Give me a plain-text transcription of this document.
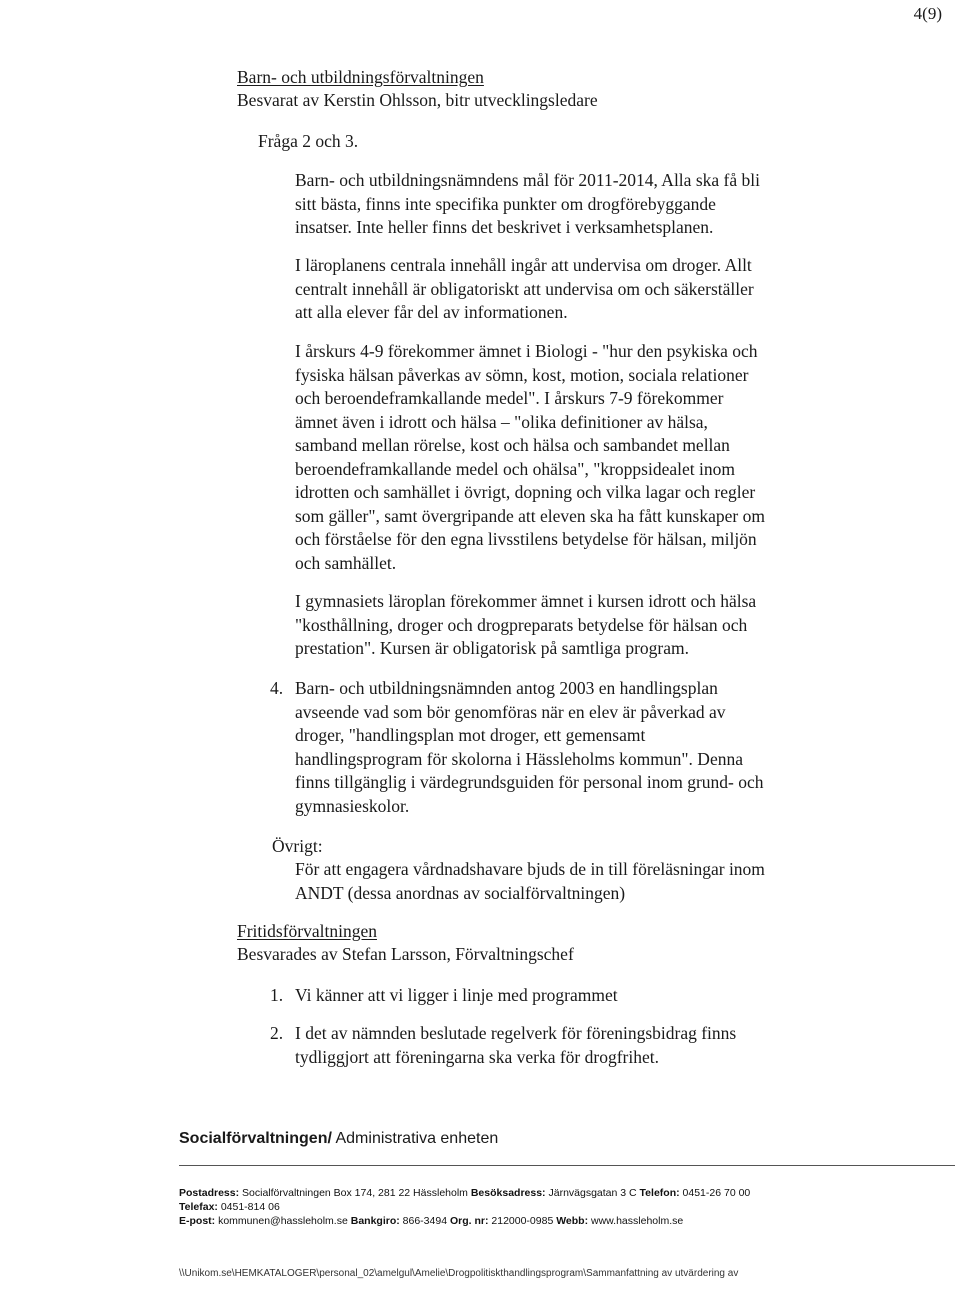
4(9)
Barn- och utbildningsförvaltningen
Besvarat av Kerstin Ohlsson, bitr utvecklingsledare
Fråga 2 och 3.
Barn- och utbildningsnämndens mål för 2011-2014, Alla ska få bli
sitt bästa, finns inte specifika punkter om drogförebyggande
insatser. Inte heller finns det beskrivet i verksamhetsplanen.
I läroplanens centrala innehåll ingår att undervisa om droger. Allt
centralt innehåll är obligatoriskt att undervisa om och säkerställer
att alla elever får del av informationen.
I årskurs 4-9 förekommer ämnet i Biologi - "hur den psykiska och
fysiska hälsan påverkas av sömn, kost, motion, sociala relationer
och beroendeframkallande medel". I årskurs 7-9 förekommer
ämnet även i idrott och hälsa – "olika definitioner av hälsa,
samband mellan rörelse, kost och hälsa och sambandet mellan
beroendeframkallande medel och ohälsa", "kroppsidealet inom
idrotten och samhället i övrigt, dopning och vilka lagar och regler
som gäller", samt övergripande att eleven ska ha fått kunskaper om
och förståelse för den egna livsstilens betydelse för hälsan, miljön
och samhället.
I gymnasiets läroplan förekommer ämnet i kursen idrott och hälsa
"kosthållning, droger och drogpreparats betydelse för hälsan och
prestation". Kursen är obligatorisk på samtliga program.
4. Barn- och utbildningsnämnden antog 2003 en handlingsplan
avseende vad som bör genomföras när en elev är påverkad av
droger, "handlingsplan mot droger, ett gemensamt
handlingsprogram för skolorna i Hässleholms kommun". Denna
finns tillgänglig i värdegrundsguiden för personal inom grund- och
gymnasieskolor.
Övrigt:
För att engagera vårdnadshavare bjuds de in till föreläsningar inom
ANDT (dessa anordnas av socialförvaltningen)
Fritidsförvaltningen
Besvarades av Stefan Larsson, Förvaltningschef
1. Vi känner att vi ligger i linje med programmet
2. I det av nämnden beslutade regelverk för föreningsbidrag finns
tydliggjort att föreningarna ska verka för drogfrihet.
Socialförvaltningen/ Administrativa enheten
Postadress: Socialförvaltningen Box 174, 281 22 Hässleholm Besöksadress: Järnvägsgatan 3 C Telefon: 0451-26 70 00
Telefax: 0451-814 06
E-post: kommunen@hassleholm.se Bankgiro: 866-3494 Org. nr: 212000-0985 Webb: www.hassleholm.se
\\Unikom.se\HEMKATALOGER\personal_02\amelgul\Amelie\Drogpolitiskthandlingsprogram\Sammanfattning av utvärdering av
